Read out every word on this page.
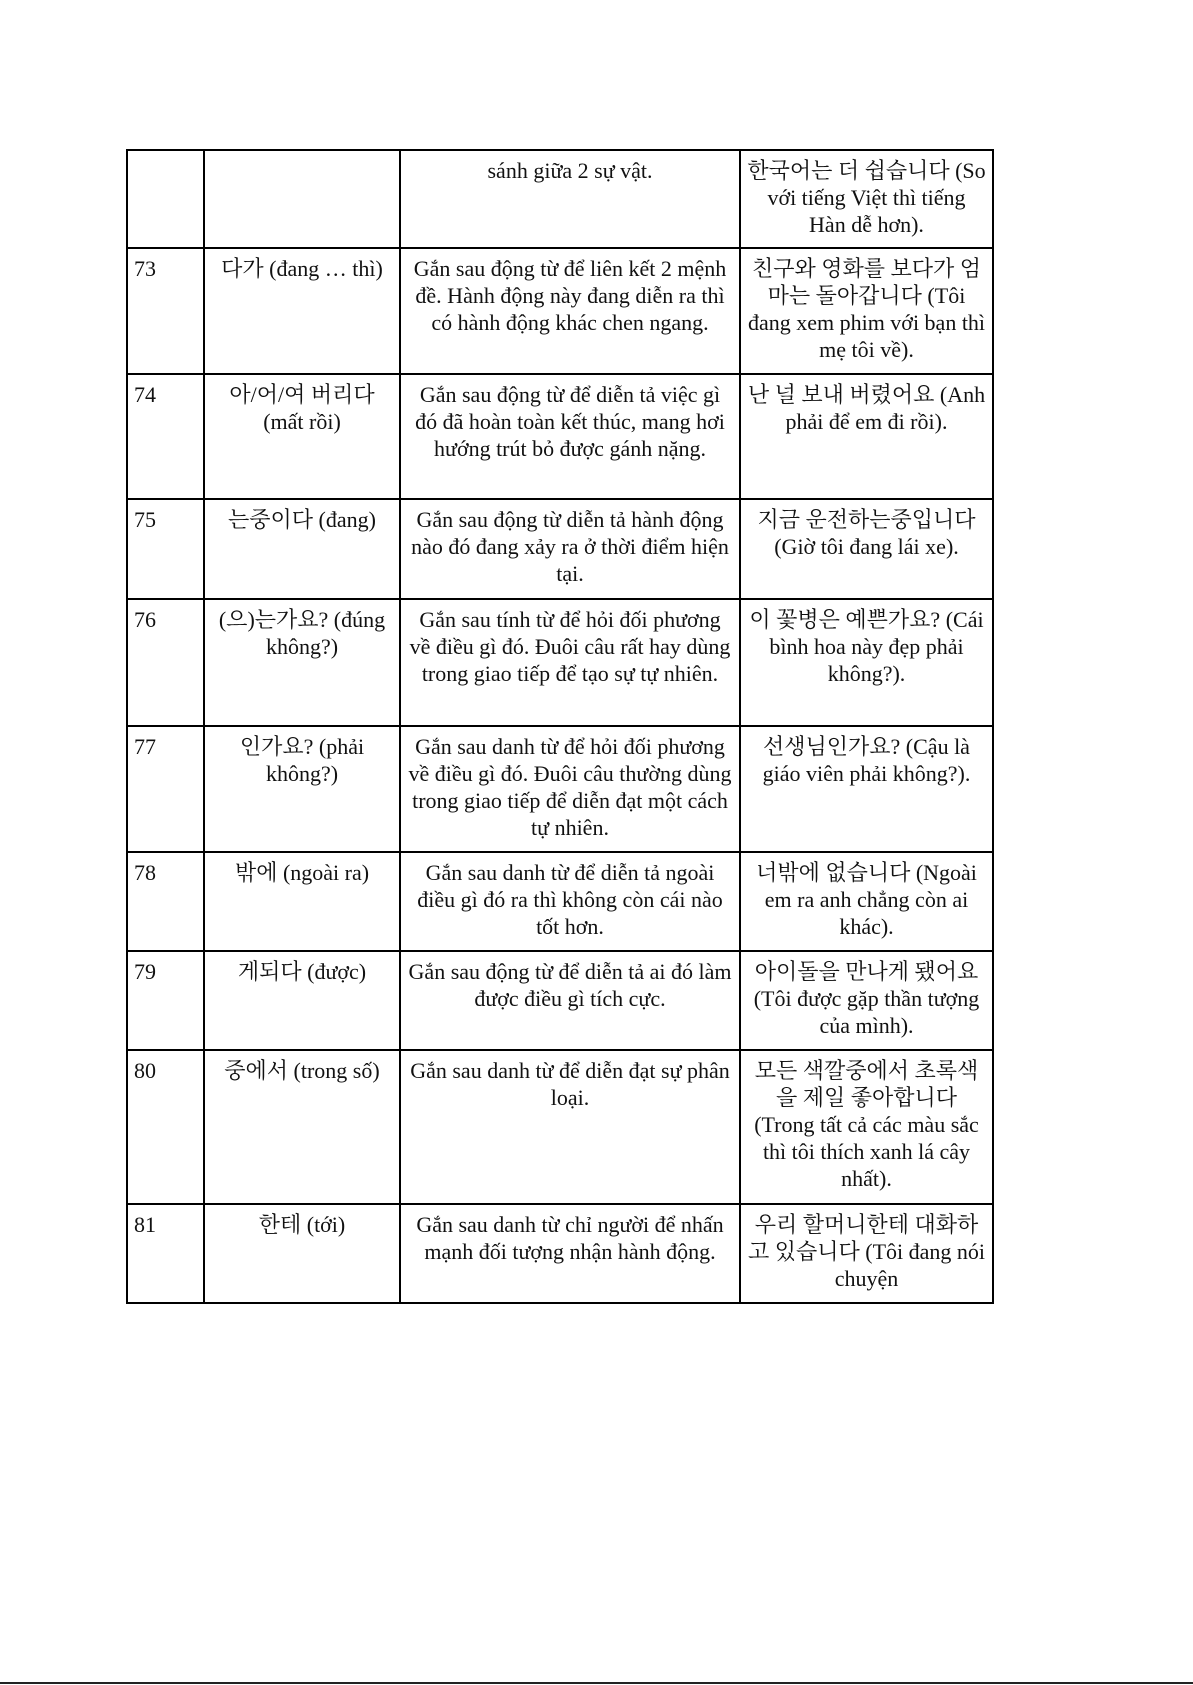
		sánh giữa 2 sự vật.	한국어는 더 쉽습니다 (So với tiếng Việt thì tiếng Hàn dễ hơn).
73	다가 (đang … thì)	Gắn sau động từ để liên kết 2 mệnh đề. Hành động này đang diễn ra thì có hành động khác chen ngang.	친구와 영화를 보다가 엄마는 돌아갑니다 (Tôi đang xem phim với bạn thì mẹ tôi về).
74	아/어/여 버리다 (mất rồi)	Gắn sau động từ để diễn tả việc gì đó đã hoàn toàn kết thúc, mang hơi hướng trút bỏ được gánh nặng.	난 널 보내 버렸어요 (Anh phải để em đi rồi).
75	는중이다 (đang)	Gắn sau động từ diễn tả hành động nào đó đang xảy ra ở thời điểm hiện tại.	지금 운전하는중입니다 (Giờ tôi đang lái xe).
76	(으)는가요? (đúng không?)	Gắn sau tính từ để hỏi đối phương về điều gì đó. Đuôi câu rất hay dùng trong giao tiếp để tạo sự tự nhiên.	이 꽃병은 예쁜가요? (Cái bình hoa này đẹp phải không?).
77	인가요? (phải không?)	Gắn sau danh từ để hỏi đối phương về điều gì đó. Đuôi câu thường dùng trong giao tiếp để diễn đạt một cách tự nhiên.	선생님인가요? (Cậu là giáo viên phải không?).
78	밖에 (ngoài ra)	Gắn sau danh từ để diễn tả ngoài điều gì đó ra thì không còn cái nào tốt hơn.	너밖에 없습니다 (Ngoài em ra anh chẳng còn ai khác).
79	게되다 (được)	Gắn sau động từ để diễn tả ai đó làm được điều gì tích cực.	아이돌을 만나게 됐어요 (Tôi được gặp thần tượng của mình).
80	중에서 (trong số)	Gắn sau danh từ để diễn đạt sự phân loại.	모든 색깔중에서 초록색을 제일 좋아합니다 (Trong tất cả các màu sắc thì tôi thích xanh lá cây nhất).
81	한테 (tới)	Gắn sau danh từ chỉ người để nhấn mạnh đối tượng nhận hành động.	우리 할머니한테 대화하고 있습니다 (Tôi đang nói chuyện
